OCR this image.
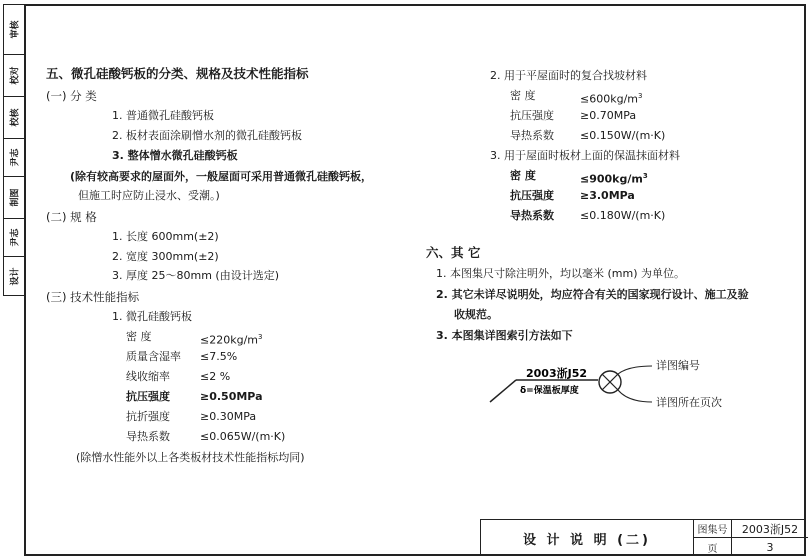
审核
校对
校核
尹志
制图
尹志
设计
五、微孔硅酸钙板的分类、规格及技术性能指标
(一) 分 类
1. 普通微孔硅酸钙板
2. 板材表面涂刷憎水剂的微孔硅酸钙板
3. 整体憎水微孔硅酸钙板
(除有较高要求的屋面外，一般屋面可采用普通微孔硅酸钙板，
但施工时应防止浸水、受潮。)
(二) 规 格
1. 长度 600mm(±2)
2. 宽度 300mm(±2)
3. 厚度 25～80mm (由设计选定)
(三) 技术性能指标
1. 微孔硅酸钙板
密 度	$\le 220kg/m^3$
质量含湿率 ≤7.5%
线收缩率	≤2 %
抗压强度	≥0.50MPa
抗折强度	≥0.30MPa
导热系数	≤0.065W/(m·K)
(除憎水性能外以上各类板材技术性能指标均同)
2. 用于平屋面时的复合找坡材料
密 度	$\le 600kg/m^3$
抗压强度 ≥0.70MPa
导热系数 ≤0.150W/(m·K)
3. 用于屋面时板材上面的保温抹面材料
密 度	$\le 900kg/m^3$
抗压强度 ≥3.0MPa
导热系数 ≤0.180W/(m·K)
六、其 它
1. 本图集尺寸除注明外，均以毫米 (mm) 为单位。
2. 其它未详尽说明处，均应符合有关的国家现行设计、施工及验
收规范。
3. 本图集详图索引方法如下
2003浙J52
δ=保温板厚度
详图编号
详图所在页次
设 计 说 明 (二)
图集号	2003浙J52
页	3
